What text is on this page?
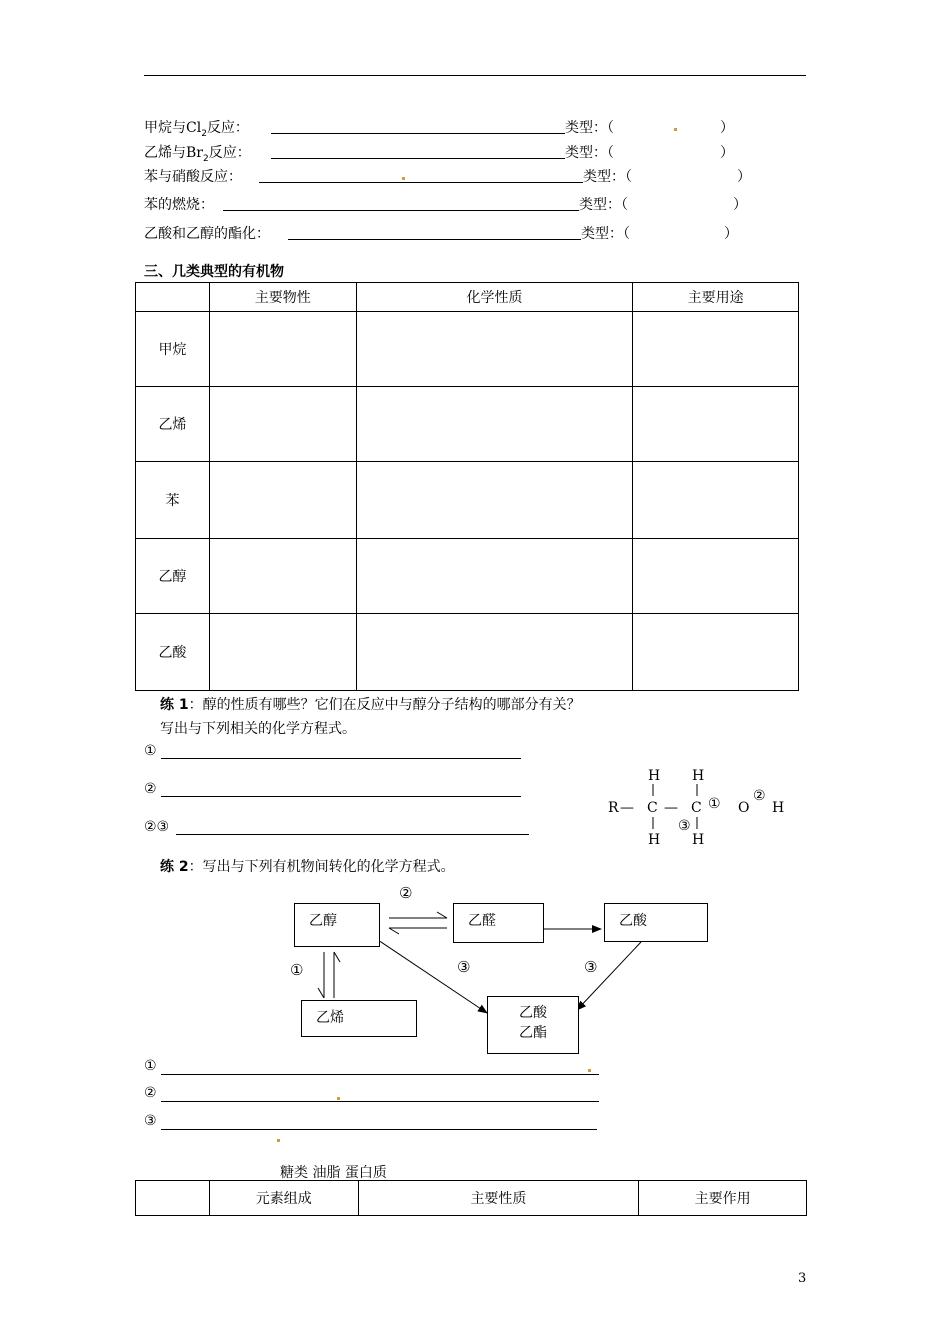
甲烷与$Cl_2$反应：	类型：（	）
乙烯与$Br_2$反应：	类型：（	）
苯与硝酸反应：	类型：（	）
苯的燃烧：	类型：（	）
乙酸和乙醇的酯化：	类型：（	）
三、几类典型的有机物
	主要物性	化学性质	主要用途
甲烷			
乙烯			
苯			
乙醇			
乙酸			
练 1：醇的性质有哪些？它们在反应中与醇分子结构的哪部分有关？
写出与下列相关的化学方程式。
①
②
②③
H H
R — C — C ① O
②
H
③
H H
练 2：写出与下列有机物间转化的化学方程式。
②
①	③	③
乙醇	乙醛	乙酸
乙烯	乙酸
乙酯
①
②
③
糖类 油脂 蛋白质
	元素组成	主要性质	主要作用
3
